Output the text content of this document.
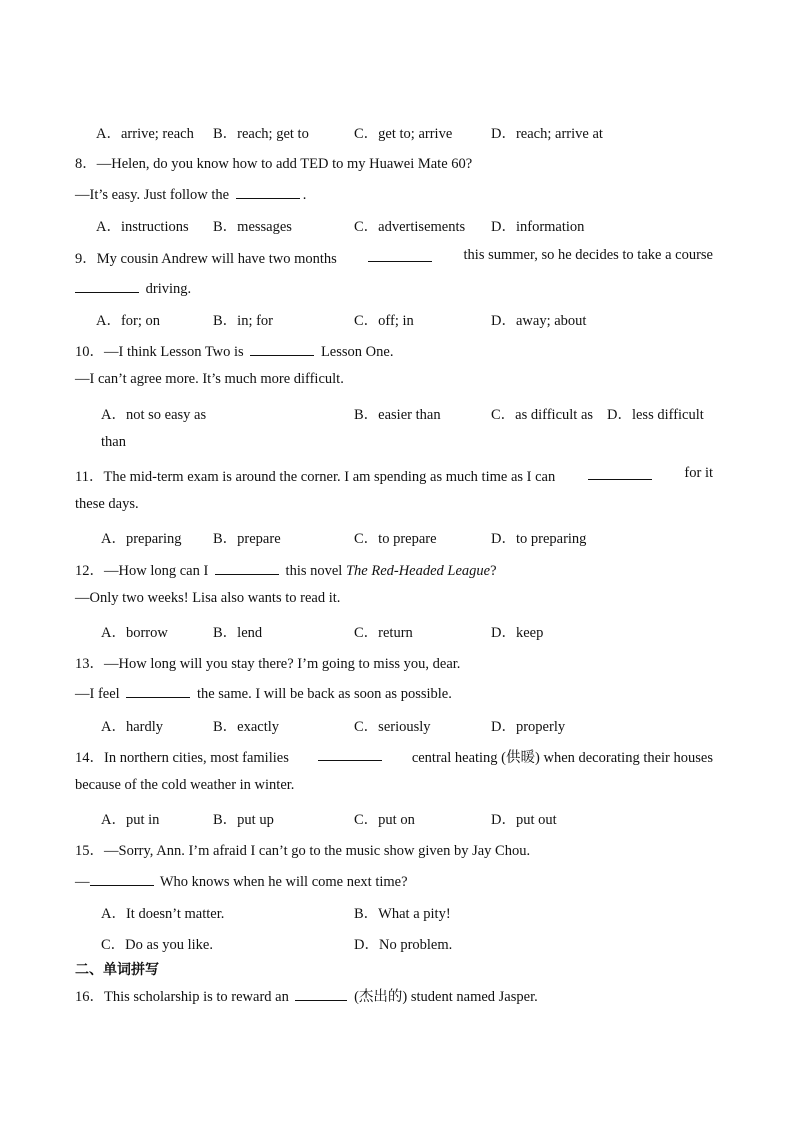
A．arrive; reach B．reach; get to	C．get to; arrive	D．reach; arrive at
8．—Helen, do you know how to add TED to my Huawei Mate 60?
—It’s easy. Just follow the	.
A．instructions B．messages	C．advertisements D．information
9．My cousin Andrew will have two months	this summer, so he decides to take a course
driving.
A．for; on	B．in; for	C．off; in	D．away; about
10．—I think Lesson Two is	Lesson One.
—I can’t agree more. It’s much more difficult.
A．not so easy as	B．easier than	C．as difficult as D．less difficult
than
11．The mid-term exam is around the corner. I am spending as much time as I can	for it
these days.
A．preparing B．prepare	C．to prepare	D．to preparing
12．—How long can I	this novel The Red-Headed League?
—Only two weeks! Lisa also wants to read it.
A．borrow	B．lend	C．return	D．keep
13．—How long will you stay there? I’m going to miss you, dear.
—I feel	the same. I will be back as soon as possible.
A．hardly	B．exactly	C．seriously	D．properly
14．In northern cities, most families	central heating (供暖) when decorating their houses
because of the cold weather in winter.
A．put in	B．put up	C．put on	D．put out
15．—Sorry, Ann. I’m afraid I can’t go to the music show given by Jay Chou.
—	Who knows when he will come next time?
A．It doesn’t matter.	B．What a pity!
C．Do as you like.	D．No problem.
二、单词拼写
16．This scholarship is to reward an	(杰出的) student named Jasper.
